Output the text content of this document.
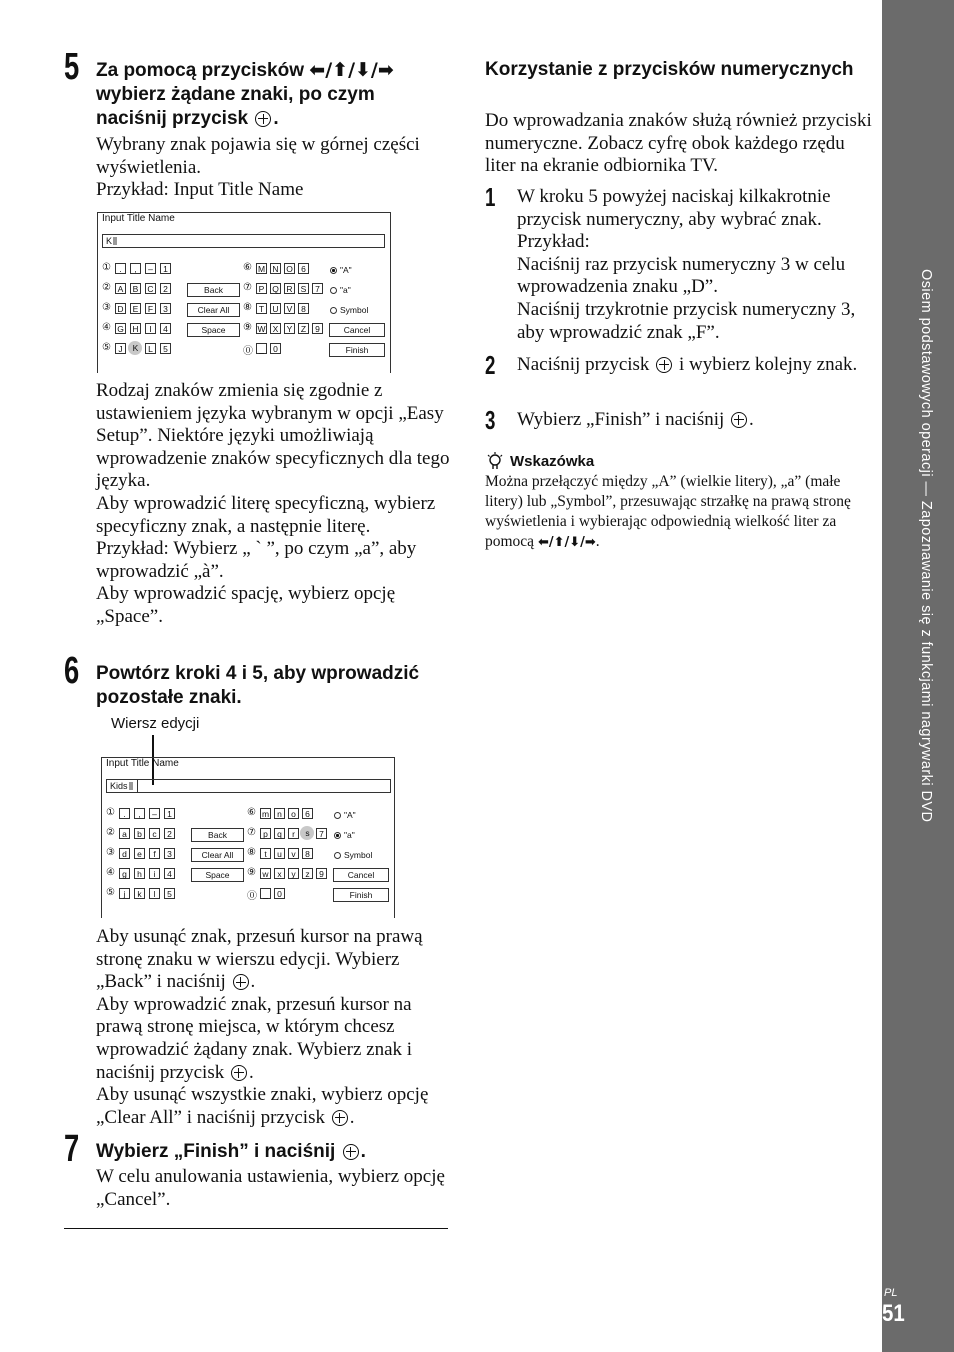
Osiem podstawowych operacji — Zapoznawanie się z funkcjami nagrywarki DVD
PL
51
5 Za pomocą przycisków ⬅/⬆/⬇/➡
wybierz żądane znaki, po czym
naciśnij przycisk .

Wybrany znak pojawia się w górnej części wyświetlenia.

Przykład: Input Title Name

Input Title Name
K
① .	,	–	1
② A	B	C	2
③ D	E	F	3
④ G H	I	4
⑤ J	K	L	5
Back
Clear All
Space
⑥ M N O 6
⑦ P Q R S	7
⑧ T U V	8
⑨ W X Y	Z	9
⓪ _	0
"A"
"a"
Symbol
Cancel
Finish

Rodzaj znaków zmienia się zgodnie z ustawieniem języka wybranym w opcji „Easy Setup”. Niektóre języki umożliwiają wprowadzenie znaków specyficznych dla tego języka.

Aby wprowadzić literę specyficzną, wybierz specyficzny znak, a następnie literę.

Przykład: Wybierz „ ` ”, po czym „a”, aby wprowadzić „à”.

Aby wprowadzić spację, wybierz opcję „Space”.

6 Powtórz kroki 4 i 5, aby wprowadzić pozostałe znaki.
Wiersz edycji
Input Title Name
Kids
① .	,	–	1
② a	b	c	2
③ d	e	f	3
④ g	h	i	4
⑤	j	k	l	5
Back
Clear All
Space
⑥ m n	o	6
⑦ p	q	r	s	7
⑧ t	u	v	8
⑨ w	x	y	z	9
⓪ _	0
"A"
"a"
Symbol
Cancel
Finish

Aby usunąć znak, przesuń kursor na prawą stronę znaku w wierszu edycji. Wybierz „Back” i naciśnij .

Aby wprowadzić znak, przesuń kursor na prawą stronę miejsca, w którym chcesz wprowadzić żądany znak. Wybierz znak i naciśnij przycisk .

Aby usunąć wszystkie znaki, wybierz opcję „Clear All” i naciśnij przycisk .

7 Wybierz „Finish” i naciśnij .
W celu anulowania ustawienia, wybierz opcję „Cancel”.
Korzystanie z przycisków numerycznych
Do wprowadzania znaków służą również przyciski numeryczne. Zobacz cyfrę obok każdego rzędu liter na ekranie odbiornika TV.
1 W kroku 5 powyżej naciskaj kilkakrotnie przycisk numeryczny, aby wybrać znak.

Przykład:

Naciśnij raz przycisk numeryczny 3 w celu wprowadzenia znaku „D”.

Naciśnij trzykrotnie przycisk numeryczny 3, aby wprowadzić znak „F”.

2 Naciśnij przycisk  i wybierz kolejny znak.
3 Wybierz „Finish” i naciśnij .
Wskazówka
Można przełączyć między „A” (wielkie litery), „a” (małe litery) lub „Symbol”, przesuwając strzałkę na prawą stronę wyświetlenia i wybierając odpowiednią wielkość liter za pomocą ⬅/⬆/⬇/➡.
